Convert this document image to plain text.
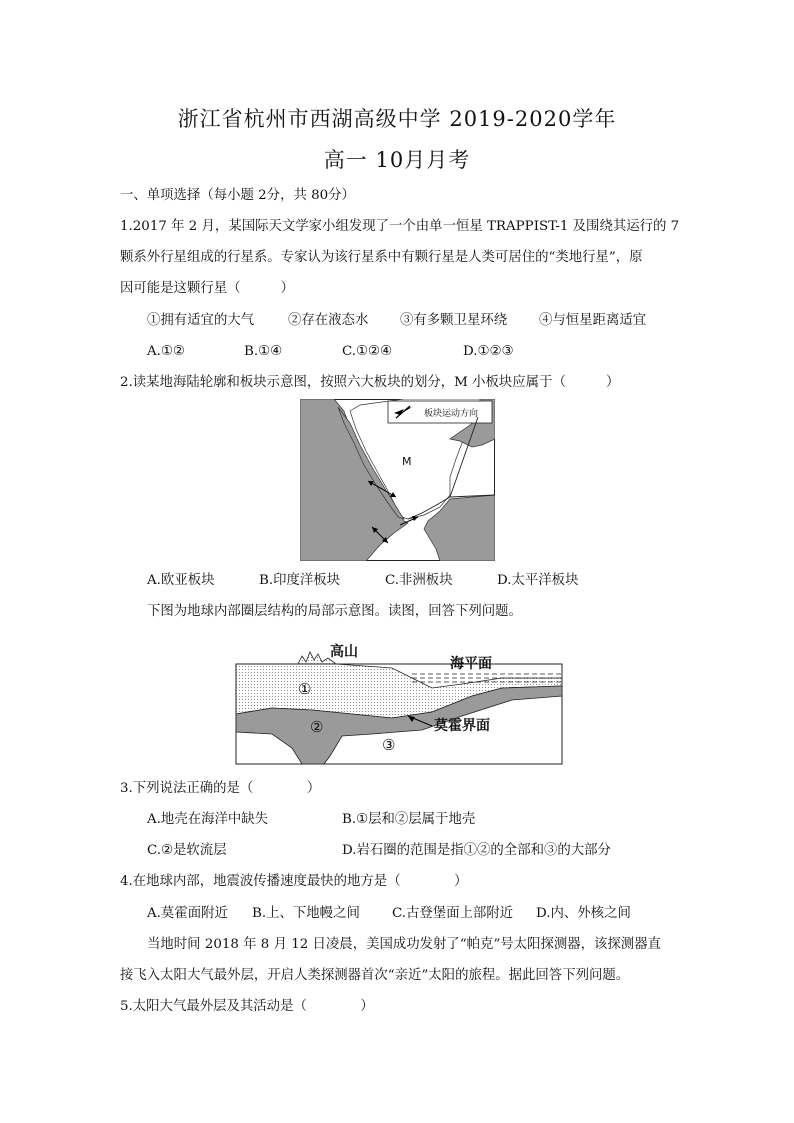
浙江省杭州市西湖高级中学 2019-2020学年
高一 10月月考
一、单项选择（每小题 2分，共 80分）
1.2017 年 2 月，某国际天文学家小组发现了一个由单一恒星 TRAPPIST-1 及围绕其运行的 7
颗系外行星组成的行星系。专家认为该行星系中有颗行星是人类可居住的“类地行星”，原
因可能是这颗行星（　　　）
①拥有适宜的大气	②存在液态水 ③有多颗卫星环绕 ④与恒星距离适宜
A.①②	B.①④	C.①②④	D.①②③
2.读某地海陆轮廓和板块示意图，按照六大板块的划分，M 小板块应属于（　　　）
板块运动方向
M
A.欧亚板块	B.印度洋板块	C.非洲板块	D.太平洋板块
下图为地球内部圈层结构的局部示意图。读图，回答下列问题。
高山
海平面
莫霍界面
①
②
③
3.下列说法正确的是（　　　　）
A.地壳在海洋中缺失	B.①层和②层属于地壳
C.②是软流层	D.岩石圈的范围是指①②的全部和③的大部分
4.在地球内部，地震波传播速度最快的地方是（　　　　）
A.莫霍面附近 B.上、下地幔之间 C.古登堡面上部附近 D.内、外核之间
当地时间 2018 年 8 月 12 日凌晨，美国成功发射了“帕克”号太阳探测器，该探测器直
接飞入太阳大气最外层，开启人类探测器首次“亲近”太阳的旅程。据此回答下列问题。
5.太阳大气最外层及其活动是（　　　　）
